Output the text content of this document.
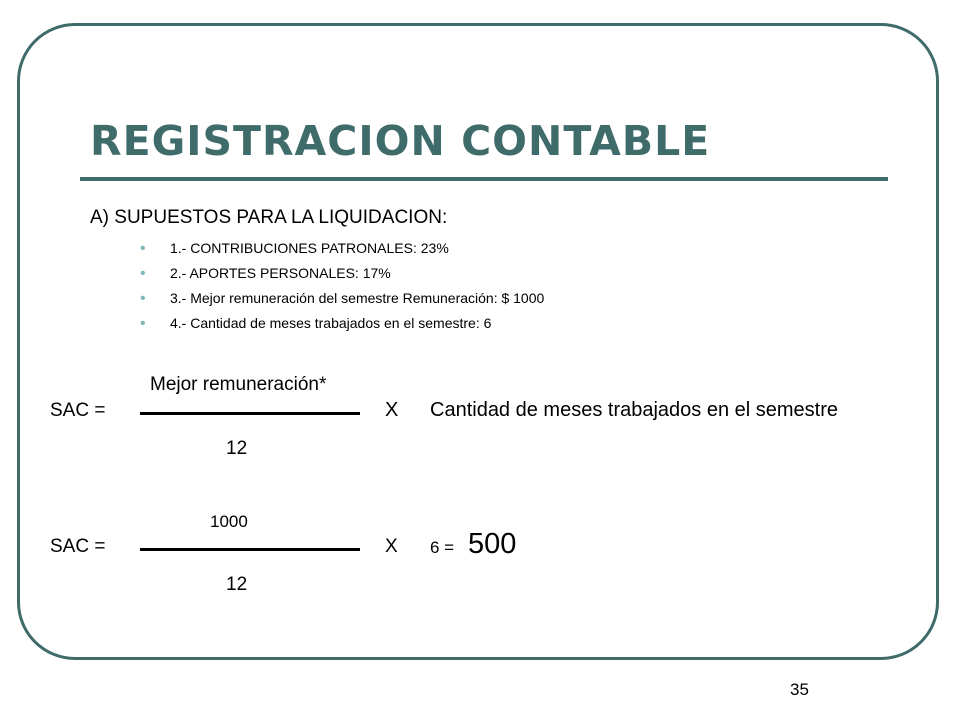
REGISTRACION CONTABLE
A) SUPUESTOS PARA LA LIQUIDACION:
• 1.- CONTRIBUCIONES PATRONALES: 23%
• 2.- APORTES PERSONALES: 17%
• 3.- Mejor remuneración del semestre Remuneración: $ 1000
• 4.- Cantidad de meses trabajados en el semestre: 6
Mejor remuneración*
SAC =	X Cantidad de meses trabajados en el semestre
12
1000
SAC =	X 6 = 500
12
35
